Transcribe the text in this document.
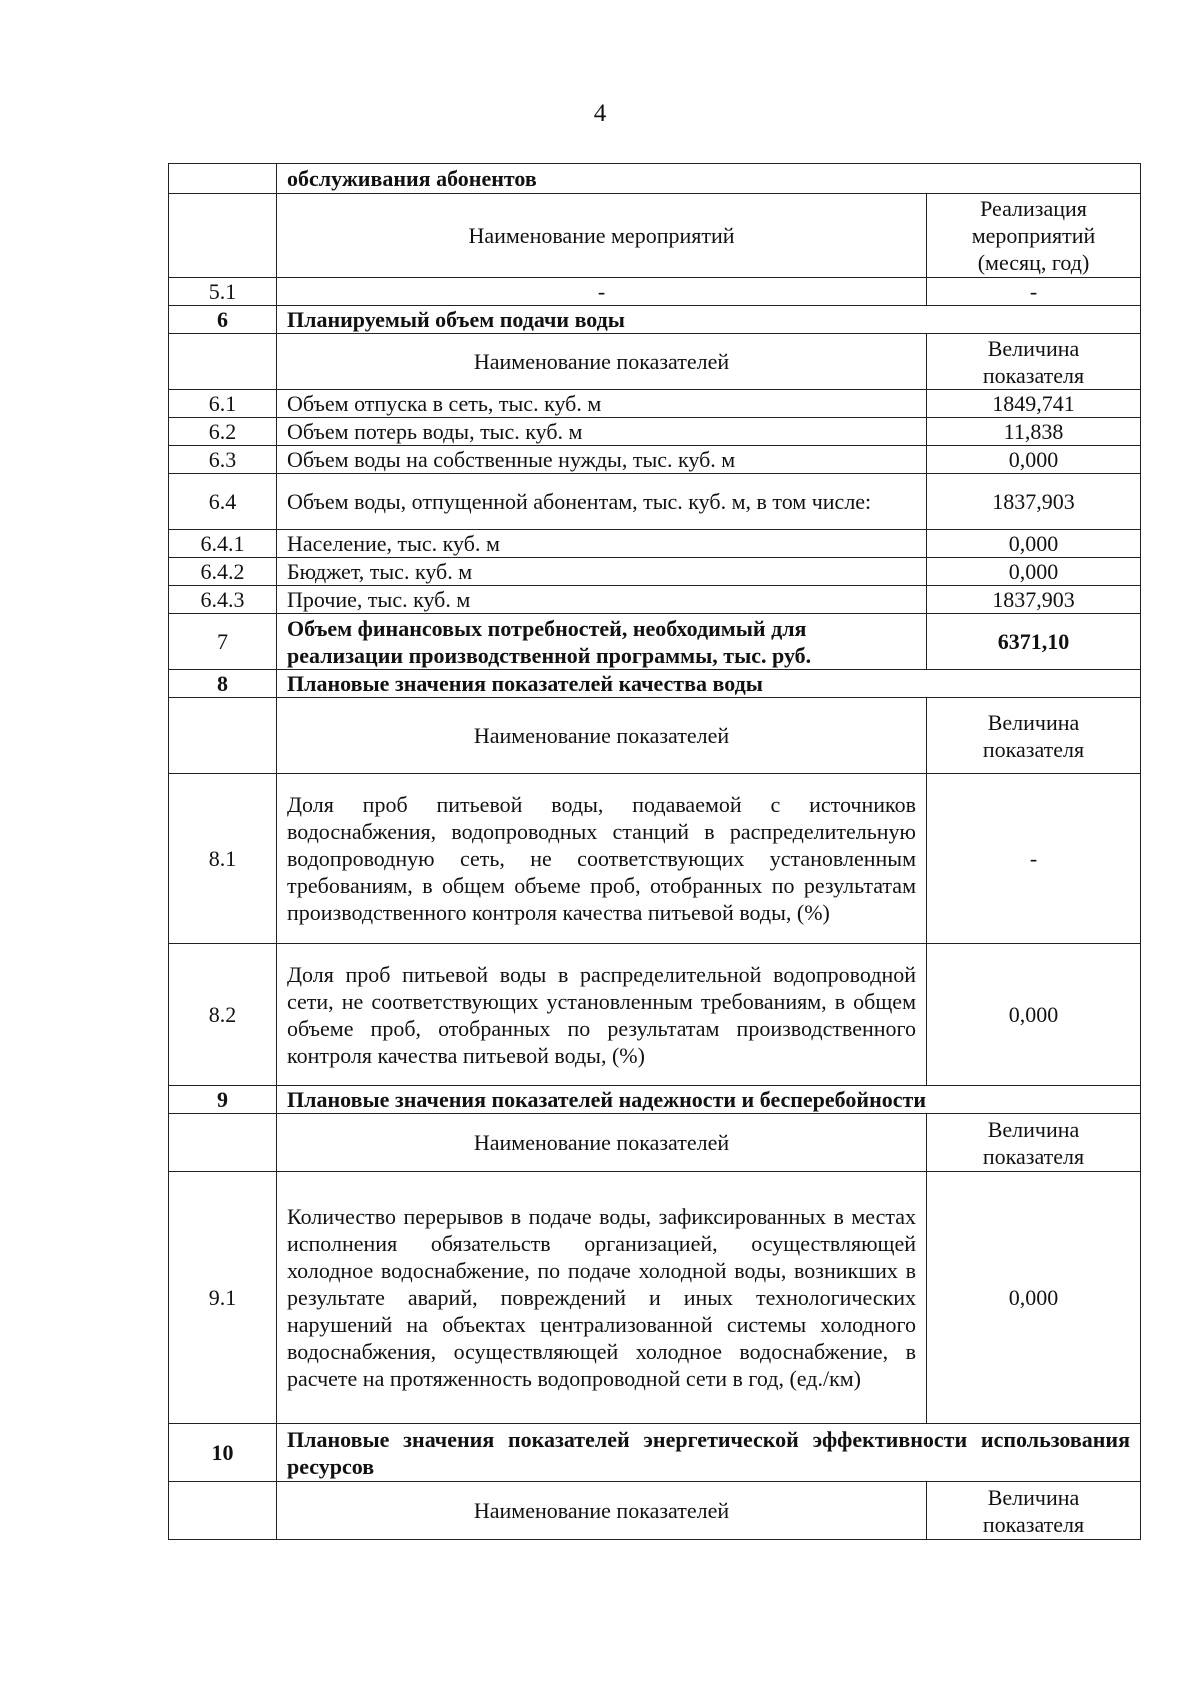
4
	обслуживания абонентов	
	Наименование мероприятий	Реализация мероприятий (месяц, год)
5.1	-	-
6	Планируемый объем подачи воды	
	Наименование показателей	Величина показателя
6.1	Объем отпуска в сеть, тыс. куб. м	1849,741
6.2	Объем потерь воды, тыс. куб. м	11,838
6.3	Объем воды на собственные нужды, тыс. куб. м	0,000
6.4	Объем воды, отпущенной абонентам, тыс. куб. м, в том числе:	1837,903
6.4.1	Население, тыс. куб. м	0,000
6.4.2	Бюджет, тыс. куб. м	0,000
6.4.3	Прочие, тыс. куб. м	1837,903
7	Объем финансовых потребностей, необходимый для реализации производственной программы, тыс. руб.	6371,10
8	Плановые значения показателей качества воды	
	Наименование показателей	Величина показателя
8.1	Доля проб питьевой воды, подаваемой с источников водоснабжения, водопроводных станций в распределительную водопроводную сеть, не соответствующих установленным требованиям, в общем объеме проб, отобранных по результатам производственного контроля качества питьевой воды, (%)	-
8.2	Доля проб питьевой воды в распределительной водопроводной сети, не соответствующих установленным требованиям, в общем объеме проб, отобранных по результатам производственного контроля качества питьевой воды, (%)	0,000
9	Плановые значения показателей надежности и бесперебойности	
	Наименование показателей	Величина показателя
9.1	Количество перерывов в подаче воды, зафиксированных в местах исполнения обязательств организацией, осуществляющей холодное водоснабжение, по подаче холодной воды, возникших в результате аварий, повреждений и иных технологических нарушений на объектах централизованной системы холодного водоснабжения, осуществляющей холодное водоснабжение, в расчете на протяженность водопроводной сети в год, (ед./км)	0,000
10	Плановые значения показателей энергетической эффективности использования ресурсов	
	Наименование показателей	Величина показателя
